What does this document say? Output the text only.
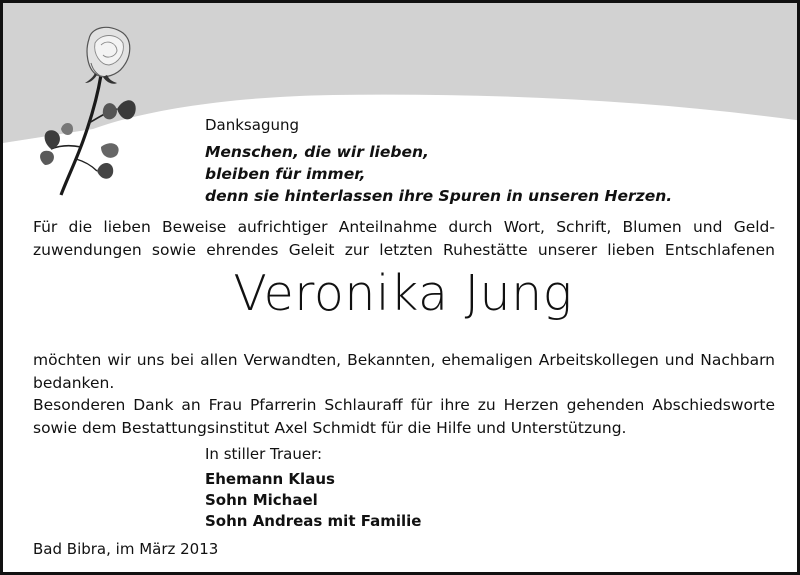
Danksagung
Menschen, die wir lieben,
bleiben für immer,
denn sie hinterlassen ihre Spuren in unseren Herzen.
Für die lieben Beweise aufrichtiger Anteilnahme durch Wort, Schrift, Blumen und Geld-
zuwendungen sowie ehrendes Geleit zur letzten Ruhestätte unserer lieben Entschlafenen
Veronika Jung
möchten wir uns bei allen Verwandten, Bekannten, ehemaligen Arbeitskollegen und Nachbarn
bedanken.
Besonderen Dank an Frau Pfarrerin Schlauraff für ihre zu Herzen gehenden Abschiedsworte
sowie dem Bestattungsinstitut Axel Schmidt für die Hilfe und Unterstützung.
In stiller Trauer:
Ehemann Klaus
Sohn Michael
Sohn Andreas mit Familie
Bad Bibra, im März 2013
